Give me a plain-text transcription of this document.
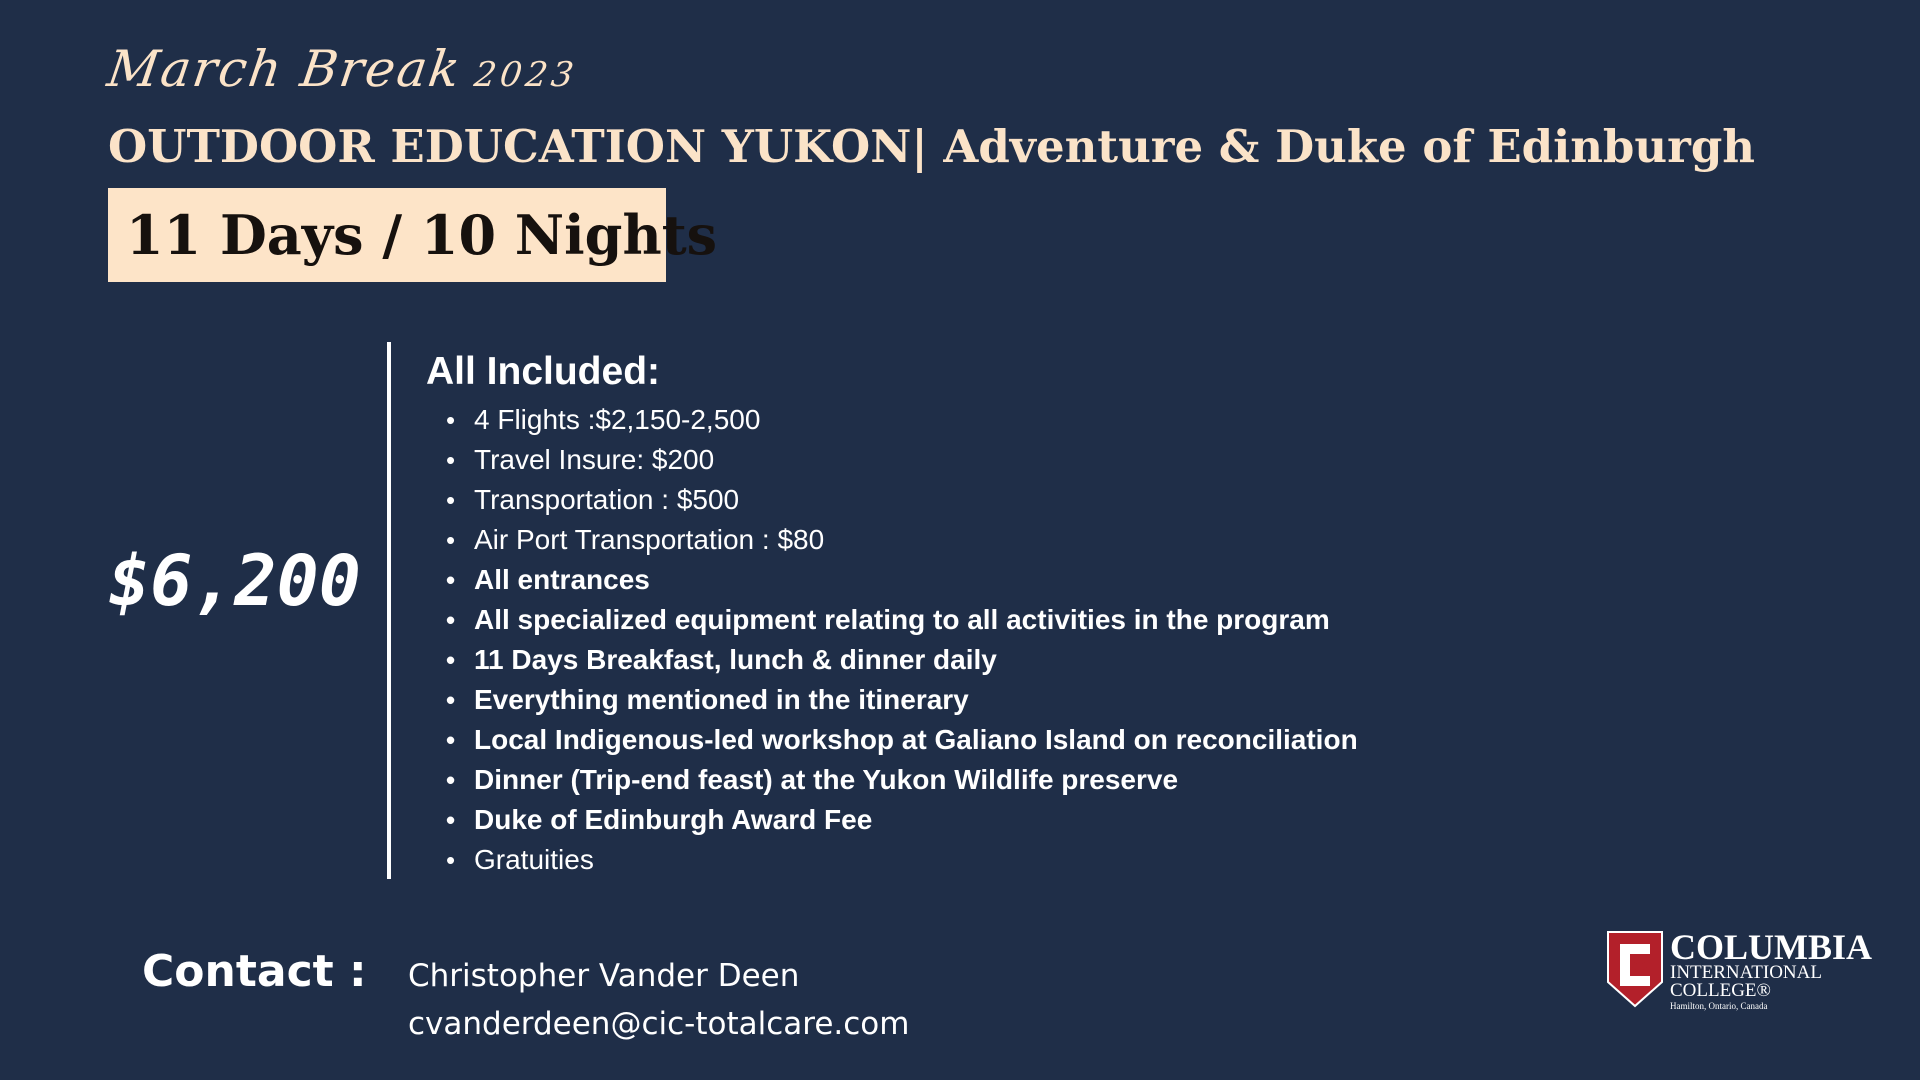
March Break 2023
OUTDOOR EDUCATION YUKON| Adventure & Duke of Edinburgh
11 Days / 10 Nights
$6,200
All Included:
• 4 Flights :$2,150-2,500
• Travel Insure: $200
• Transportation : $500
• Air Port Transportation : $80
• All entrances
• All specialized equipment relating to all activities in the program
• 11 Days Breakfast, lunch & dinner daily
• Everything mentioned in the itinerary
• Local Indigenous-led workshop at Galiano Island on reconciliation
• Dinner (Trip-end feast) at the Yukon Wildlife preserve
• Duke of Edinburgh Award Fee
• Gratuities
Contact : Christopher Vander Deen
cvanderdeen@cic-totalcare.com
COLUMBIA
INTERNATIONAL
COLLEGE®
Hamilton, Ontario, Canada
